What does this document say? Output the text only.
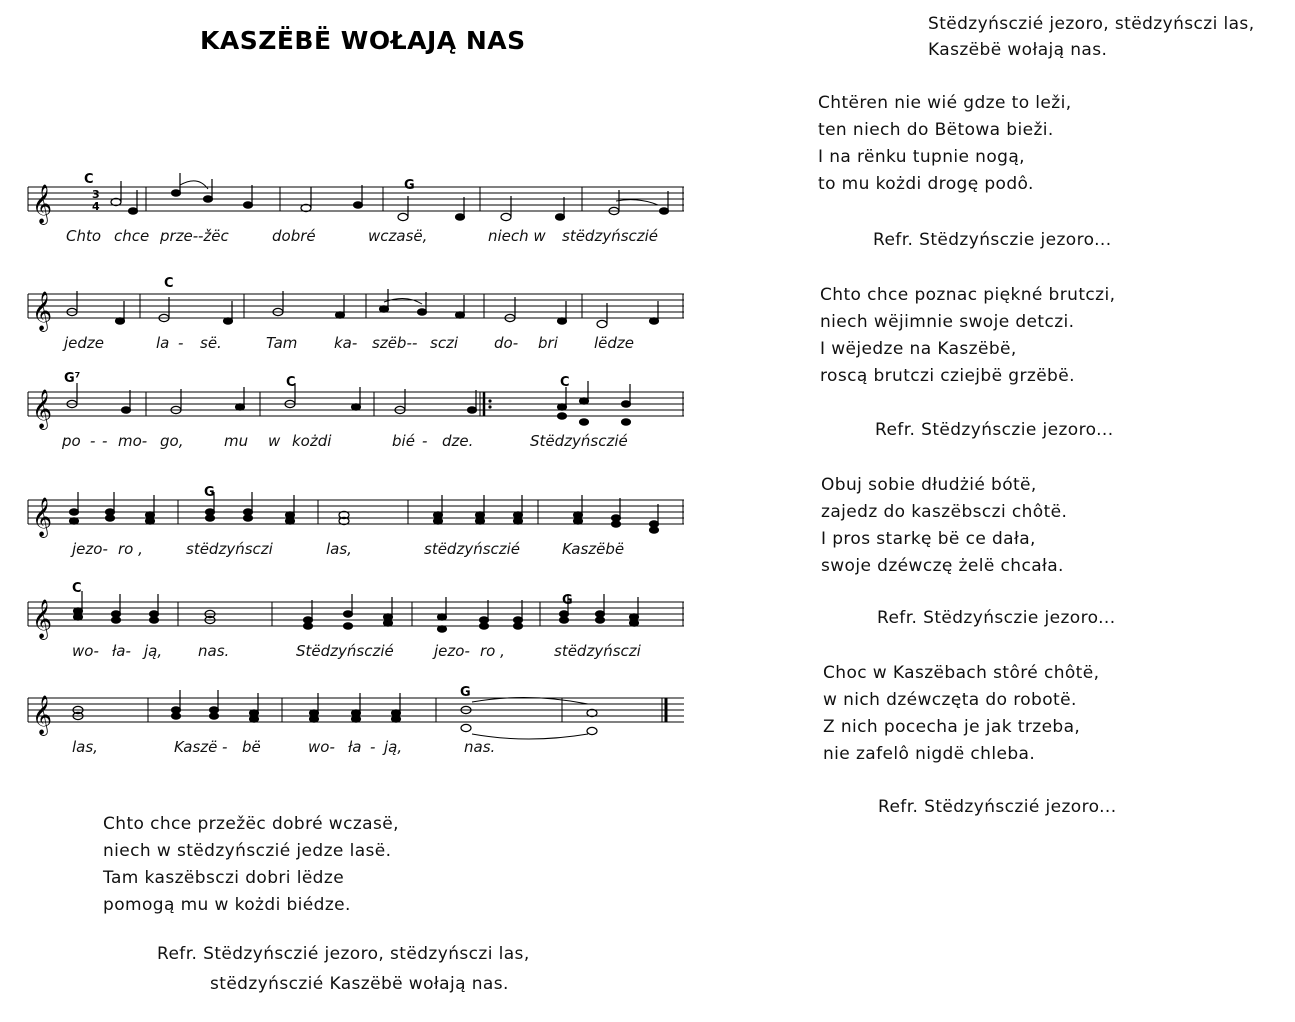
KASZËBË WOŁAJĄ NAS
𝄞	3
4
C	G
Chto chce prze- -žëc	dobré	wczasë,	niech w stëdzyńsczié
𝄞
C
jedze	la - së.	Tam ka- szëb- - sczi do- bri lëdze
𝄞
G⁷	C	C
po - - mo- go,	mu w kożdi	bié - dze.	Stëdzyńsczié
𝄞
G
jezo- ro ,	stëdzyńsczi	las,	stëdzyńsczié	Kaszëbë
𝄞
C
G
wo- ła- ją, nas.	Stëdzyńsczié	jezo- ro ,	stëdzyńsczi
𝄞
G
las,	Kaszë - bë	wo- ła - ją,	nas.
Chto chce przežëc dobré wczasë,
niech w stëdzyńsczié jedze lasë.
Tam kaszëbsczi dobri lëdze
pomogą mu w kożdi biédze.
Refr. Stëdzyńsczié jezoro, stëdzyńsczi las,
stëdzyńsczié Kaszëbë wołają nas.
Stëdzyńsczié jezoro, stëdzyńsczi las,
Kaszëbë wołają nas.
Chtëren nie wié gdze to leži,
ten niech do Bëtowa bieži.
I na rënku tupnie nogą,
to mu kożdi drogę podô.
Refr. Stëdzyńsczie jezoro...
Chto chce poznac piękné brutczi,
niech wëjimnie swoje detczi.
I wëjedze na Kaszëbë,
roscą brutczi cziejbë grzëbë.
Refr. Stëdzyńsczie jezoro...
Obuj sobie dłudżié bótë,
zajedz do kaszëbsczi chôtë.
I pros starkę bë ce dała,
swoje dzéwczę żelë chcała.
Refr. Stëdzyńsczie jezoro...
Choc w Kaszëbach stôré chôtë,
w nich dzéwczęta do robotë.
Z nich pocecha je jak trzeba,
nie zafelô nigdë chleba.
Refr. Stëdzyńsczié jezoro...
